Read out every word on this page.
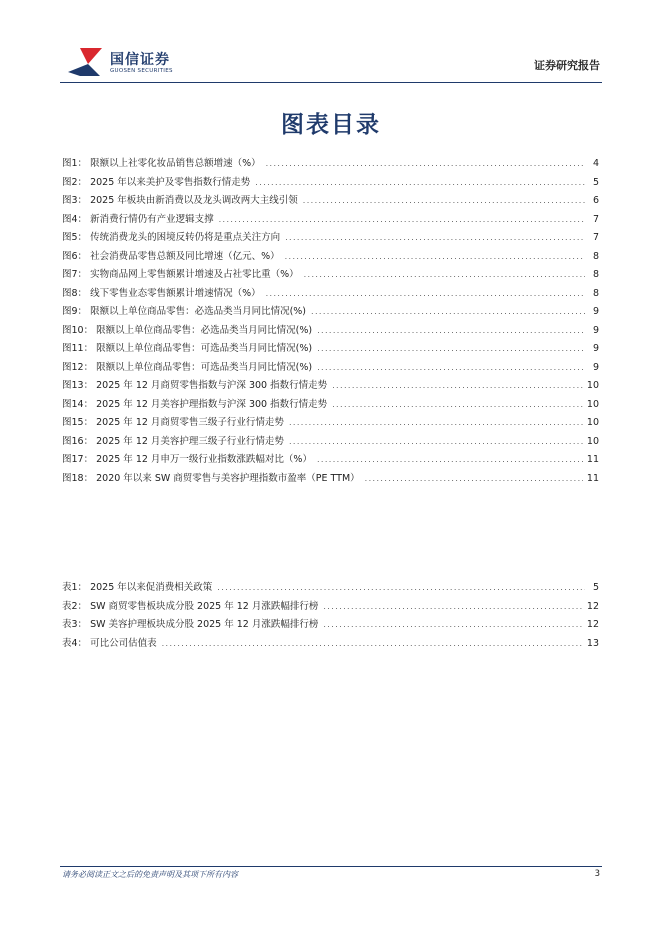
国信证券
GUOSEN SECURITIES	证券研究报告
图表目录
图1： 限额以上社零化妆品销售总额增速（%） .....	4
图2： 2025 年以来美护及零售指数行情走势 .....	5
图3： 2025 年板块由新消费以及龙头调改两大主线引领 .....	6
图4： 新消费行情仍有产业逻辑支撑 .....	7
图5： 传统消费龙头的困境反转仍将是重点关注方向 .....	7
图6： 社会消费品零售总额及同比增速（亿元、%） .....	8
图7： 实物商品网上零售额累计增速及占社零比重（%） .....	8
图8： 线下零售业态零售额累计增速情况（%） .....	8
图9： 限额以上单位商品零售：必选品类当月同比情况(%) .....	9
图10： 限额以上单位商品零售：必选品类当月同比情况(%) .....	9
图11： 限额以上单位商品零售：可选品类当月同比情况(%) .....	9
图12： 限额以上单位商品零售：可选品类当月同比情况(%) .....	9
图13： 2025 年 12 月商贸零售指数与沪深 300 指数行情走势 .....	10
图14： 2025 年 12 月美容护理指数与沪深 300 指数行情走势 .....	10
图15： 2025 年 12 月商贸零售三级子行业行情走势 .....	10
图16： 2025 年 12 月美容护理三级子行业行情走势 .....	10
图17： 2025 年 12 月申万一级行业指数涨跌幅对比（%） .....	11
图18： 2020 年以来 SW 商贸零售与美容护理指数市盈率（PE TTM） .....	11
表1： 2025 年以来促消费相关政策 .....	5
表2： SW 商贸零售板块成分股 2025 年 12 月涨跌幅排行榜 .....	12
表3： SW 美容护理板块成分股 2025 年 12 月涨跌幅排行榜 .....	12
表4： 可比公司估值表 .....	13
请务必阅读正文之后的免责声明及其项下所有内容	3
